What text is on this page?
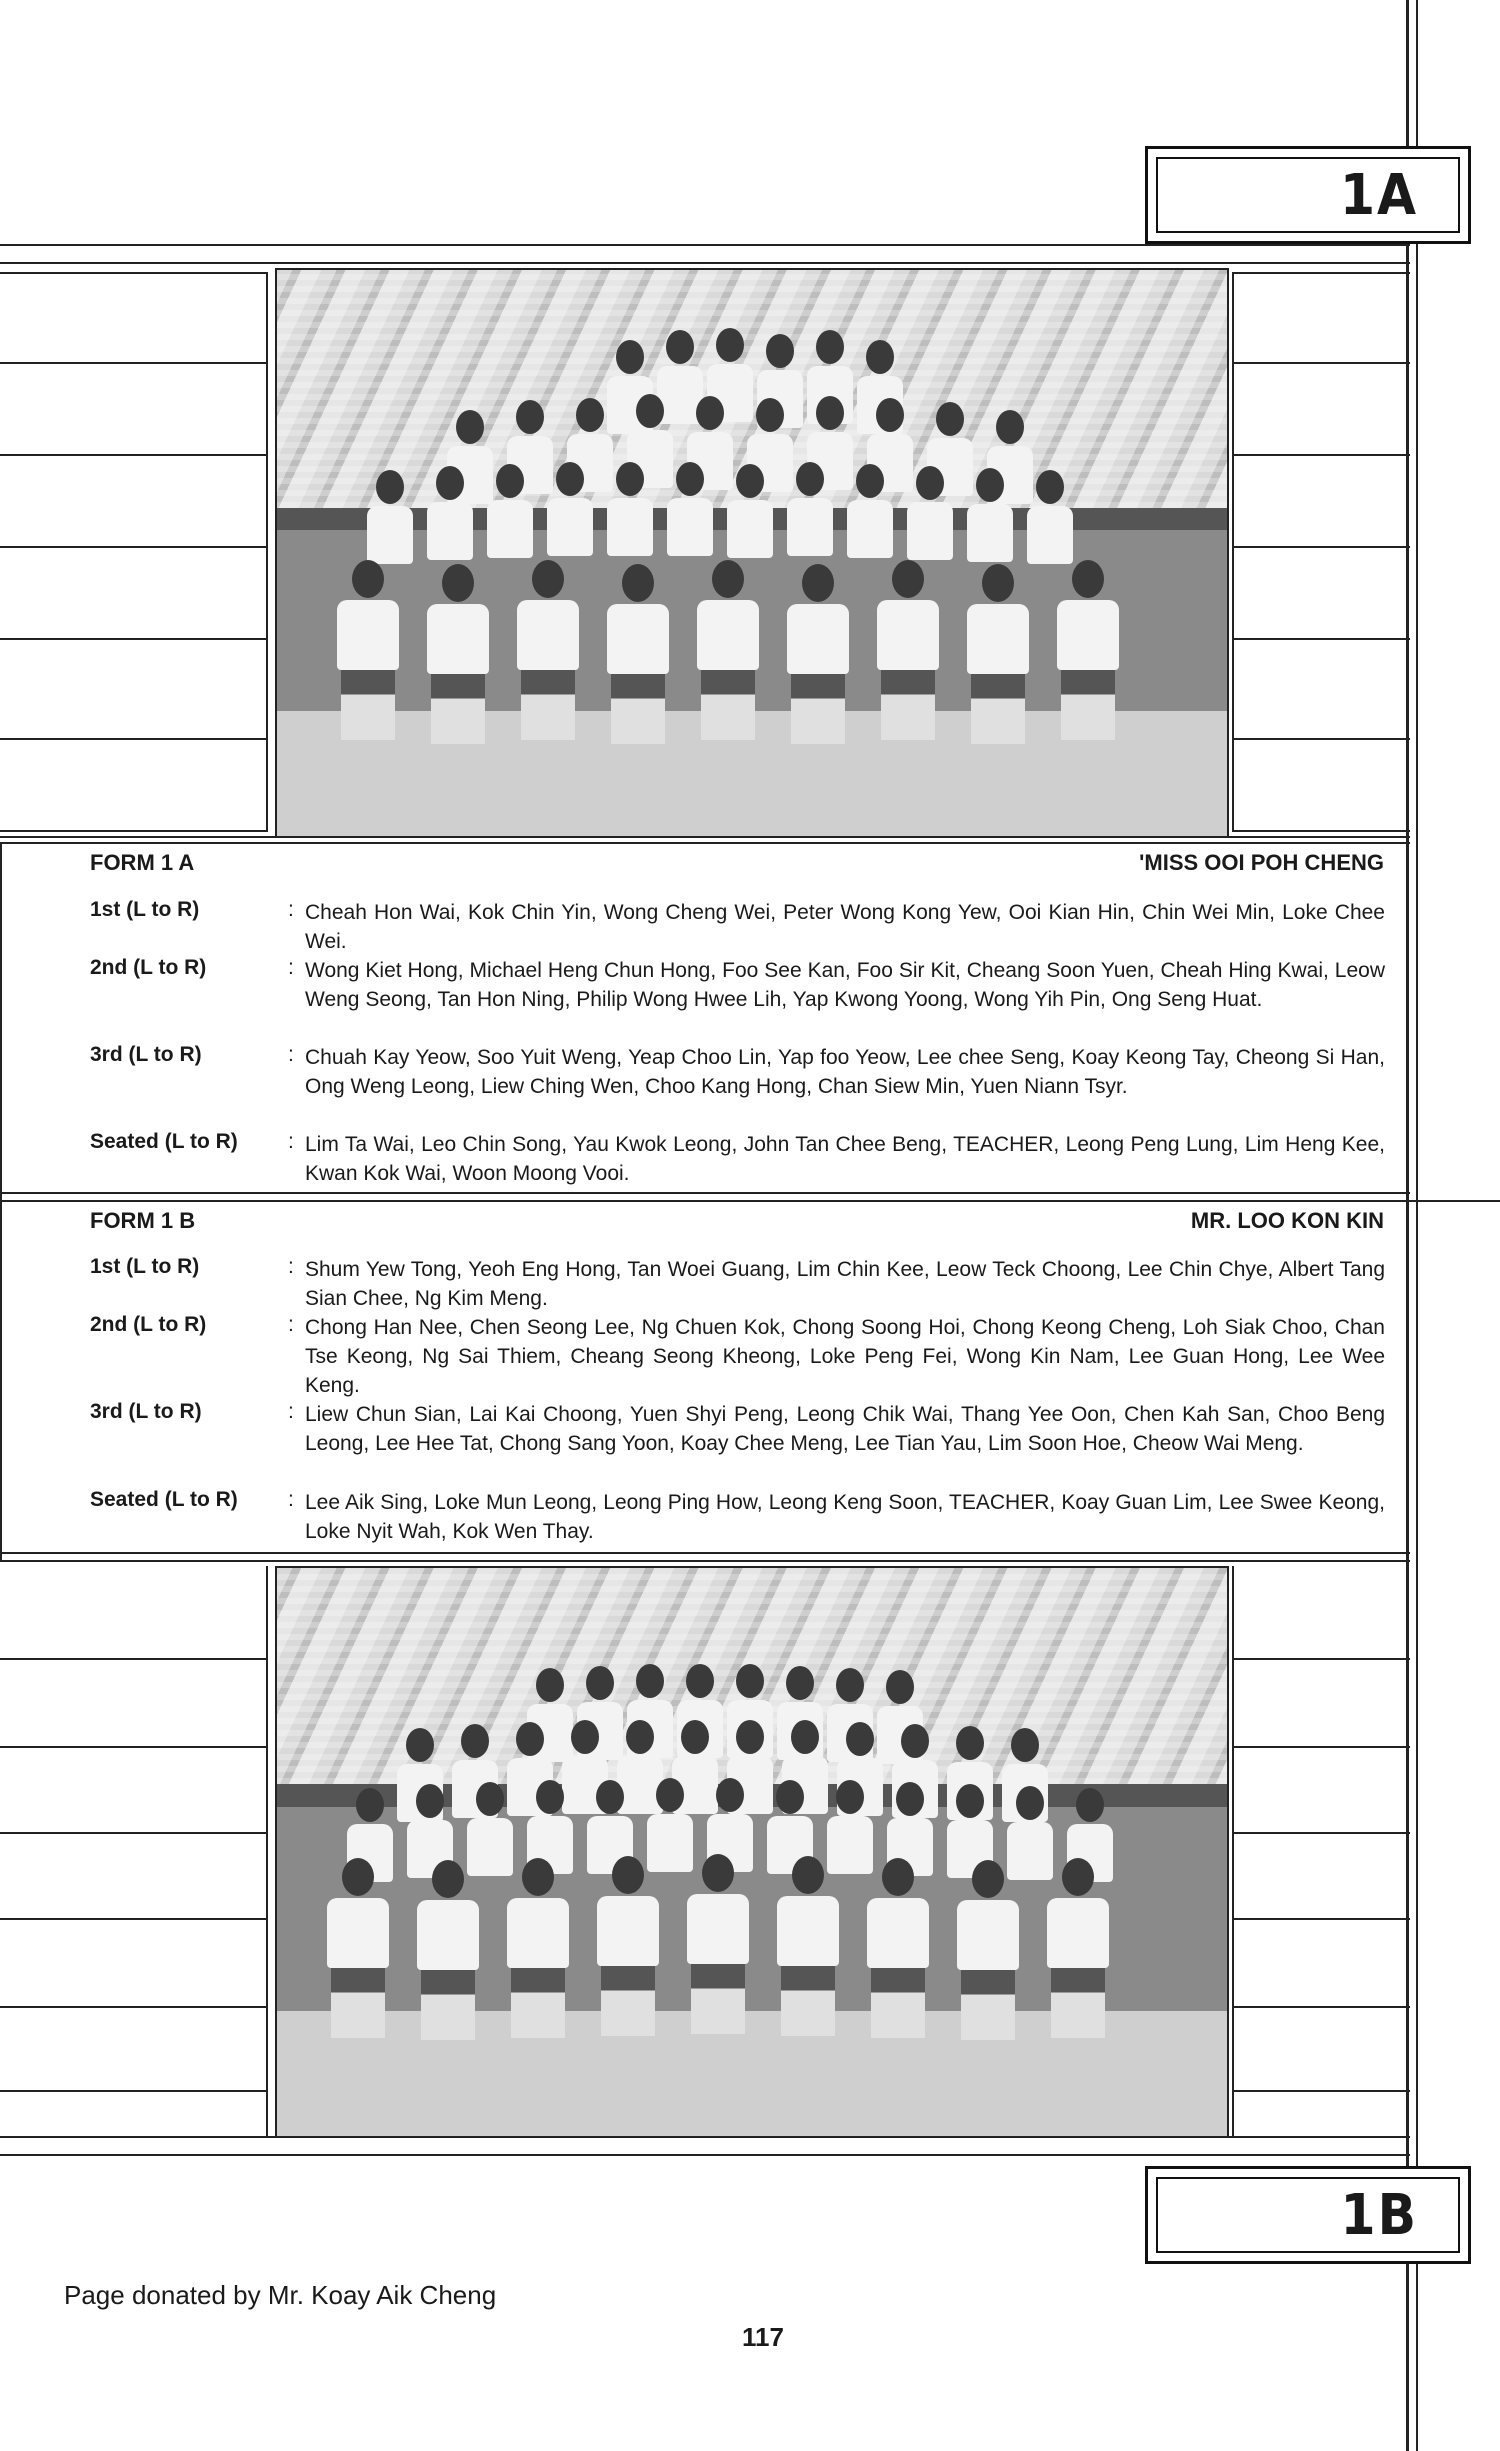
1A
FORM 1 A	'MISS OOI POH CHENG
1st (L to R)	: Cheah Hon Wai, Kok Chin Yin, Wong Cheng Wei, Peter Wong Kong Yew, Ooi Kian Hin, Chin Wei Min, Loke Chee Wei.
2nd (L to R)	: Wong Kiet Hong, Michael Heng Chun Hong, Foo See Kan, Foo Sir Kit, Cheang Soon Yuen, Cheah Hing Kwai, Leow Weng Seong, Tan Hon Ning, Philip Wong Hwee Lih, Yap Kwong Yoong, Wong Yih Pin, Ong Seng Huat.
3rd (L to R)	: Chuah Kay Yeow, Soo Yuit Weng, Yeap Choo Lin, Yap foo Yeow, Lee chee Seng, Koay Keong Tay, Cheong Si Han, Ong Weng Leong, Liew Ching Wen, Choo Kang Hong, Chan Siew Min, Yuen Niann Tsyr.
Seated (L to R)	: Lim Ta Wai, Leo Chin Song, Yau Kwok Leong, John Tan Chee Beng, TEACHER, Leong Peng Lung, Lim Heng Kee, Kwan Kok Wai, Woon Moong Vooi.
FORM 1 B	MR. LOO KON KIN
1st (L to R)	: Shum Yew Tong, Yeoh Eng Hong, Tan Woei Guang, Lim Chin Kee, Leow Teck Choong, Lee Chin Chye, Albert Tang Sian Chee, Ng Kim Meng.
2nd (L to R)	: Chong Han Nee, Chen Seong Lee, Ng Chuen Kok, Chong Soong Hoi, Chong Keong Cheng, Loh Siak Choo, Chan Tse Keong, Ng Sai Thiem, Cheang Seong Kheong, Loke Peng Fei, Wong Kin Nam, Lee Guan Hong, Lee Wee Keng.
3rd (L to R)	: Liew Chun Sian, Lai Kai Choong, Yuen Shyi Peng, Leong Chik Wai, Thang Yee Oon, Chen Kah San, Choo Beng Leong, Lee Hee Tat, Chong Sang Yoon, Koay Chee Meng, Lee Tian Yau, Lim Soon Hoe, Cheow Wai Meng.
Seated (L to R)	: Lee Aik Sing, Loke Mun Leong, Leong Ping How, Leong Keng Soon, TEACHER, Koay Guan Lim, Lee Swee Keong, Loke Nyit Wah, Kok Wen Thay.
1B
Page donated by Mr. Koay Aik Cheng
117
